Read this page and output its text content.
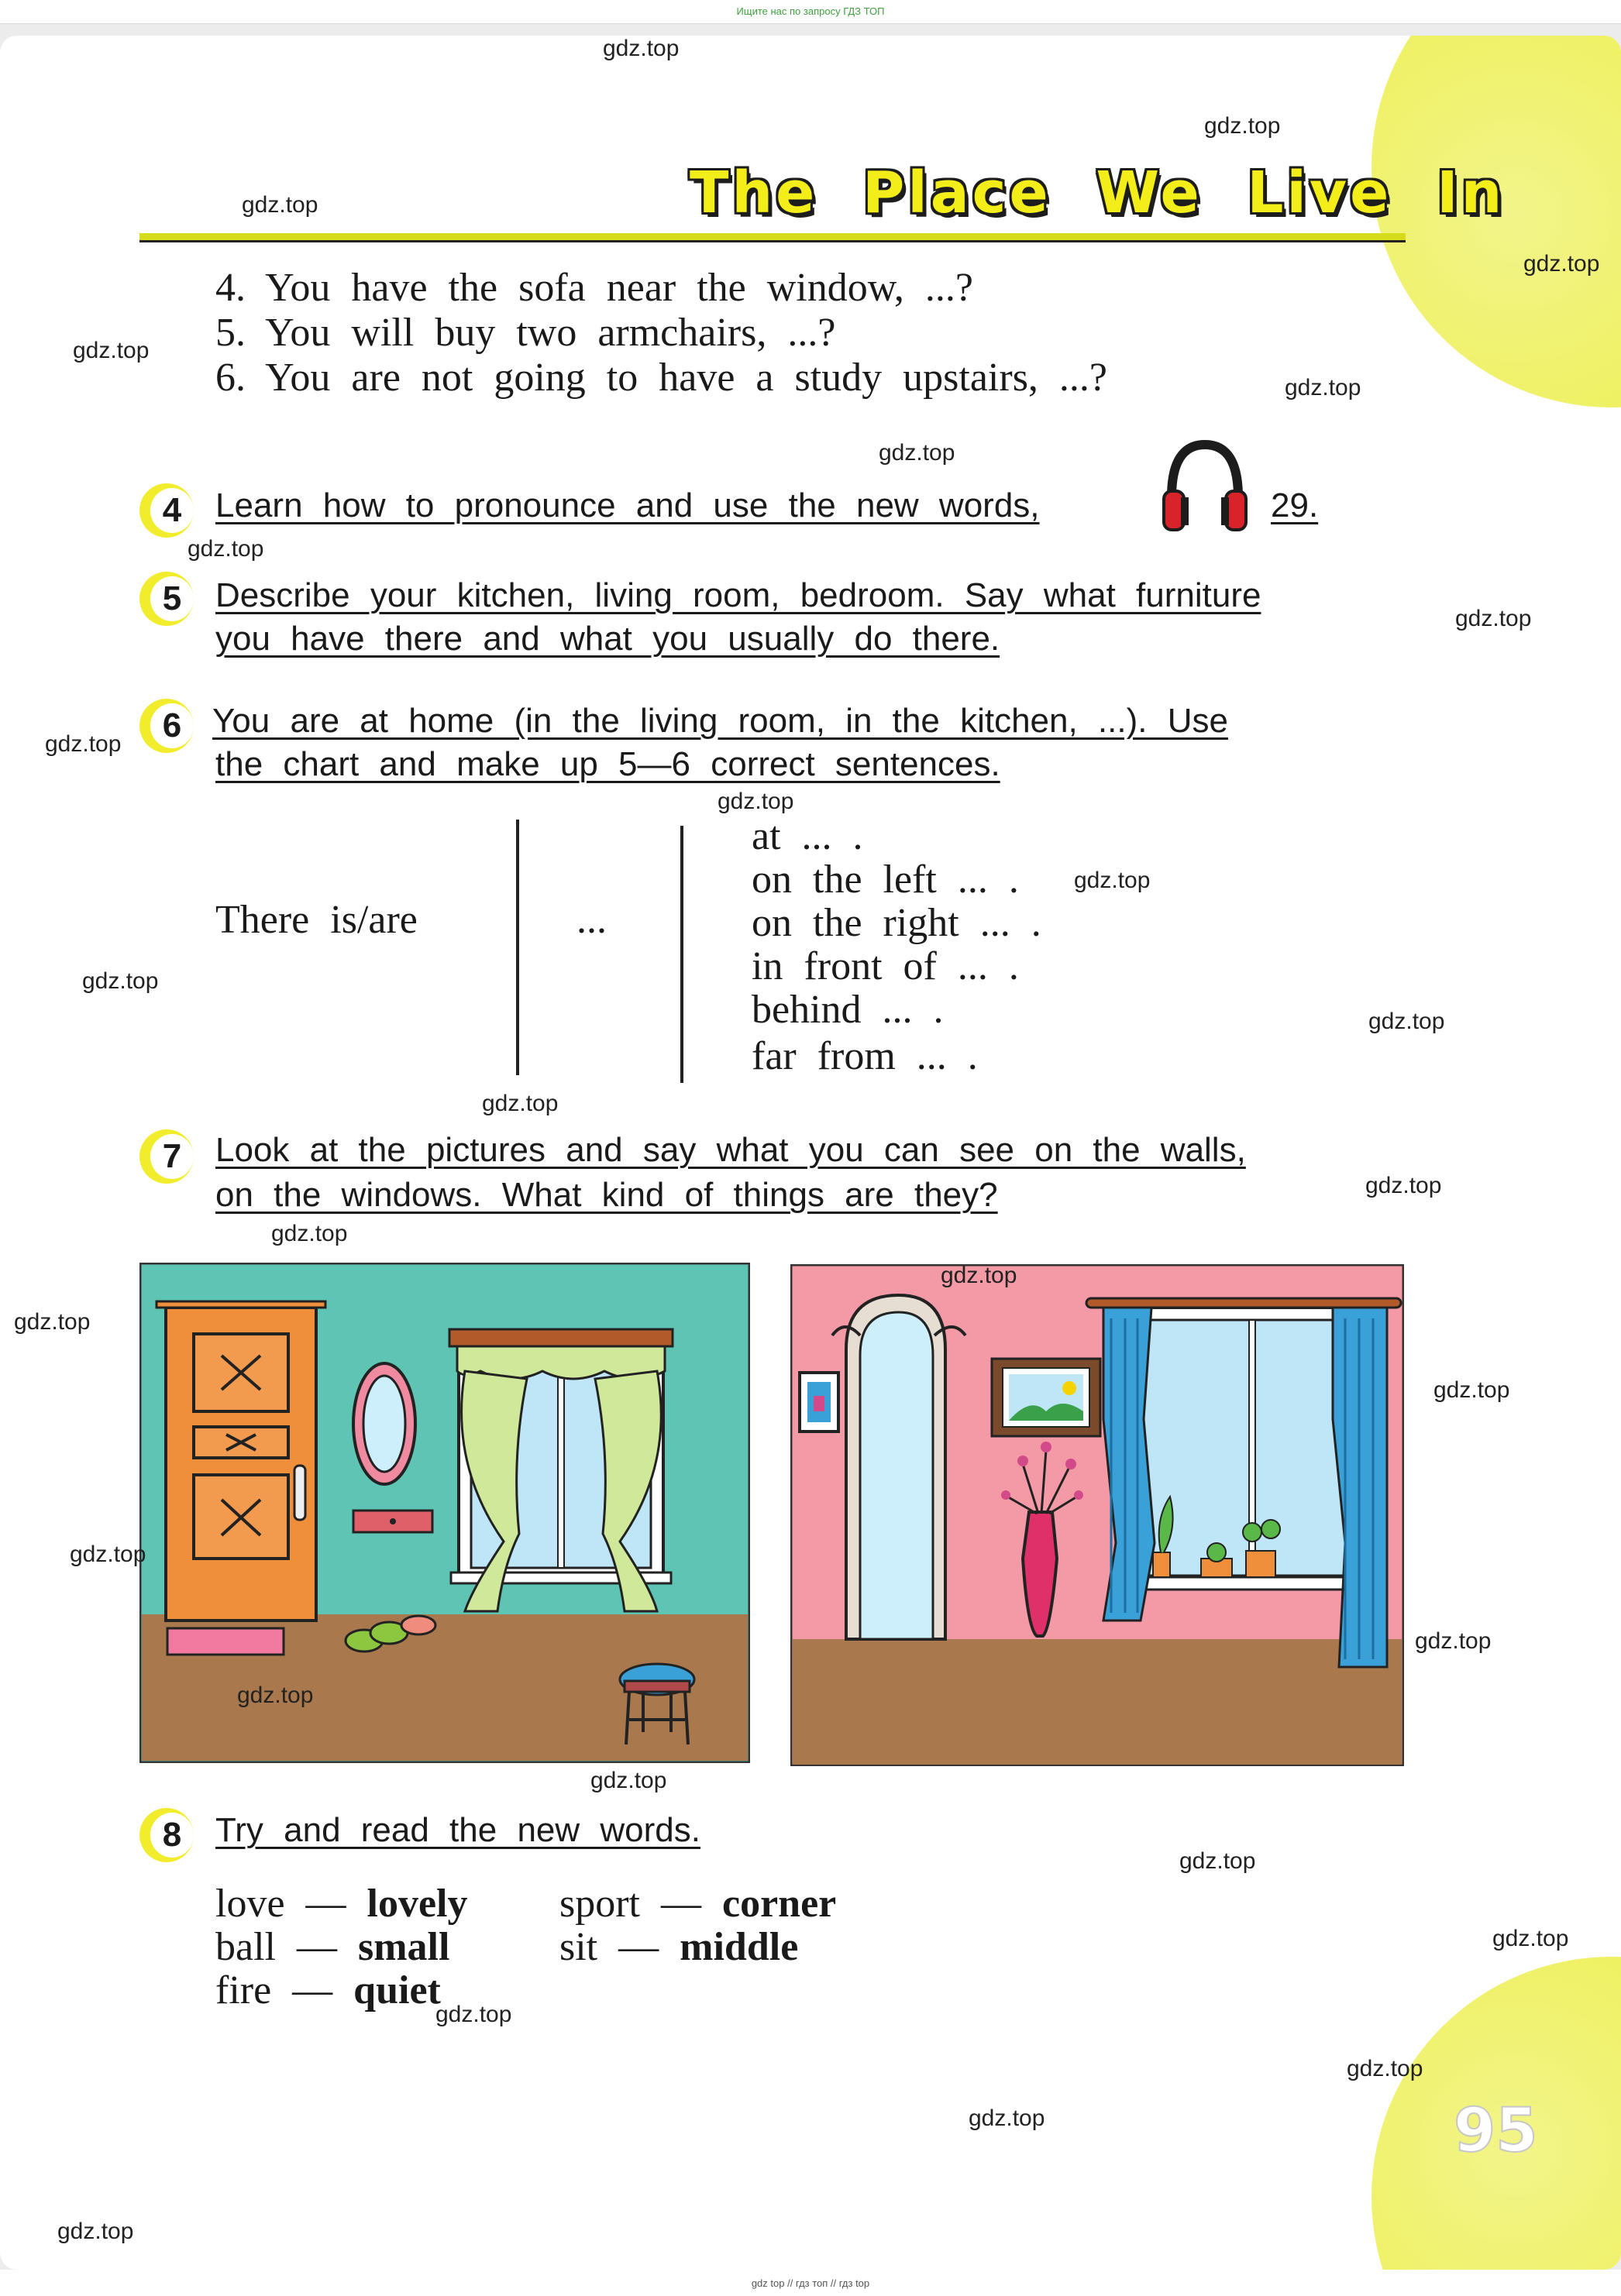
Ищите нас по запросу ГДЗ ТОП
The Place We Live In
4. You have the sofa near the window, ...?
5. You will buy two armchairs, ...?
6. You are not going to have a study upstairs, ...?
4 Learn how to pronounce and use the new words,	29.
5 Describe your kitchen, living room, bedroom. Say what furniture
you have there and what you usually do there.
6 You are at home (in the living room, in the kitchen, ...). Use
the chart and make up 5—6 correct sentences.
There is/are	...
at ... .
on the left ... .
on the right ... .
in front of ... .
behind ... .
far from ... .
7 Look at the pictures and say what you can see on the walls,
on the windows. What kind of things are they?
8 Try and read the new words.
love — lovely
ball — small
fire — quiet
sport — corner
sit — middle
95
gdz.top
gdz.top
gdz.top
gdz.top
gdz.top
gdz.top
gdz.top
gdz.top
gdz.top
gdz.top
gdz.top
gdz.top
gdz.top
gdz.top
gdz.top
gdz.top
gdz.top
gdz.top
gdz.top
gdz.top
gdz.top
gdz.top
gdz.top
gdz.top
gdz.top
gdz.top
gdz.top
gdz.top
gdz.top
gdz.top
gdz top // гдз топ // гдз top
